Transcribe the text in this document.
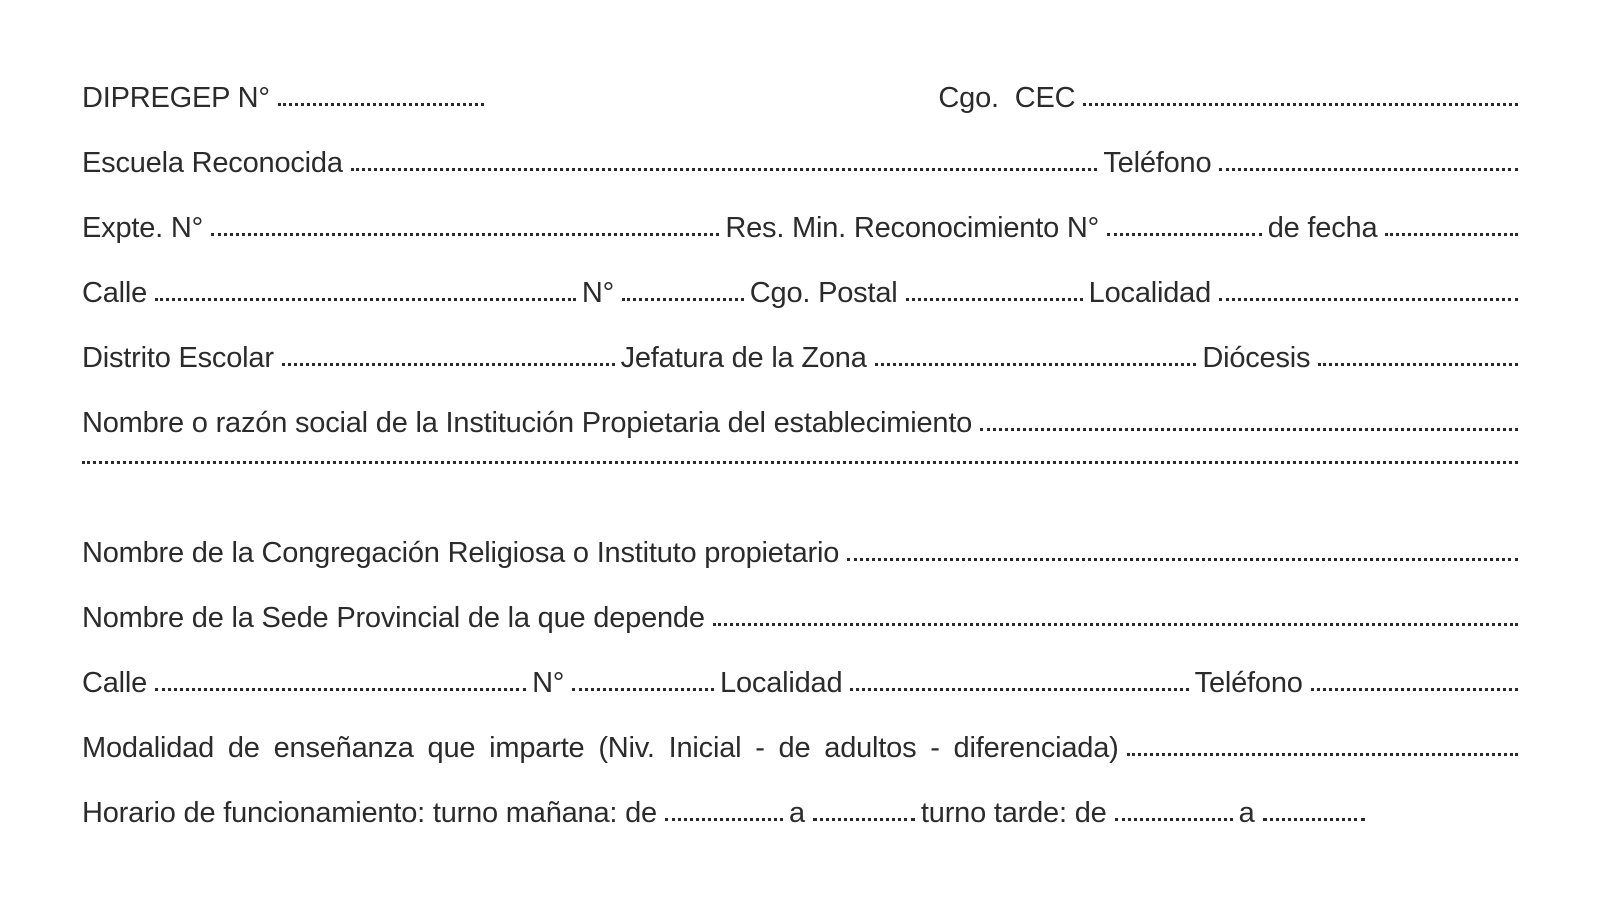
DIPREGEP N°	Cgo. CEC
Escuela Reconocida	Teléfono
Expte. N°	Res. Min. Reconocimiento N°	de fecha
Calle	N°	Cgo. Postal	Localidad
Distrito Escolar	Jefatura de la Zona	Diócesis
Nombre o razón social de la Institución Propietaria del establecimiento
Nombre de la Congregación Religiosa o Instituto propietario
Nombre de la Sede Provincial de la que depende
Calle	N°	Localidad	Teléfono
Modalidad de enseñanza que imparte (Niv. Inicial - de adultos - diferenciada)
Horario de funcionamiento: turno mañana: de	a	turno tarde: de	a
